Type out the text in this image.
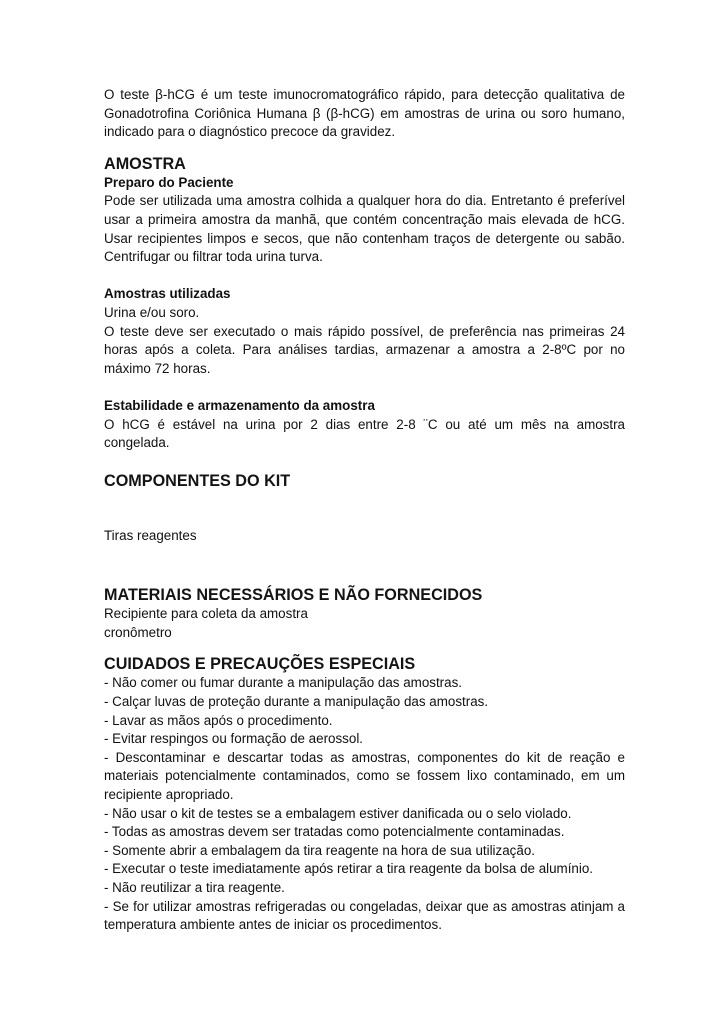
O teste β-hCG é um teste imunocromatográfico rápido, para detecção qualitativa de Gonadotrofina Coriônica Humana β (β-hCG) em amostras de urina ou soro humano, indicado para o diagnóstico precoce da gravidez.

AMOSTRA
Preparo do Paciente

Pode ser utilizada uma amostra colhida a qualquer hora do dia. Entretanto é preferível usar a primeira amostra da manhã, que contém concentração mais elevada de hCG. Usar recipientes limpos e secos, que não contenham traços de detergente ou sabão. Centrifugar ou filtrar toda urina turva.

Amostras utilizadas

Urina e/ou soro.

O teste deve ser executado o mais rápido possível, de preferência nas primeiras 24 horas após a coleta. Para análises tardias, armazenar a amostra a 2-8ºC por no máximo 72 horas.

Estabilidade e armazenamento da amostra

O hCG é estável na urina por 2 dias entre 2-8 ¨C ou até um mês na amostra congelada.

COMPONENTES DO KIT

Tiras reagentes

MATERIAIS NECESSÁRIOS E NÃO FORNECIDOS

Recipiente para coleta da amostra

cronômetro

CUIDADOS E PRECAUÇÕES ESPECIAIS
- Não comer ou fumar durante a manipulação das amostras.
- Calçar luvas de proteção durante a manipulação das amostras.
- Lavar as mãos após o procedimento.
- Evitar respingos ou formação de aerossol.
- Descontaminar e descartar todas as amostras, componentes do kit de reação e materiais potencialmente contaminados, como se fossem lixo contaminado, em um recipiente apropriado.
- Não usar o kit de testes se a embalagem estiver danificada ou o selo violado.
- Todas as amostras devem ser tratadas como potencialmente contaminadas.
- Somente abrir a embalagem da tira reagente na hora de sua utilização.
- Executar o teste imediatamente após retirar a tira reagente da bolsa de alumínio.
- Não reutilizar a tira reagente.
- Se for utilizar amostras refrigeradas ou congeladas, deixar que as amostras atinjam a temperatura ambiente antes de iniciar os procedimentos.
